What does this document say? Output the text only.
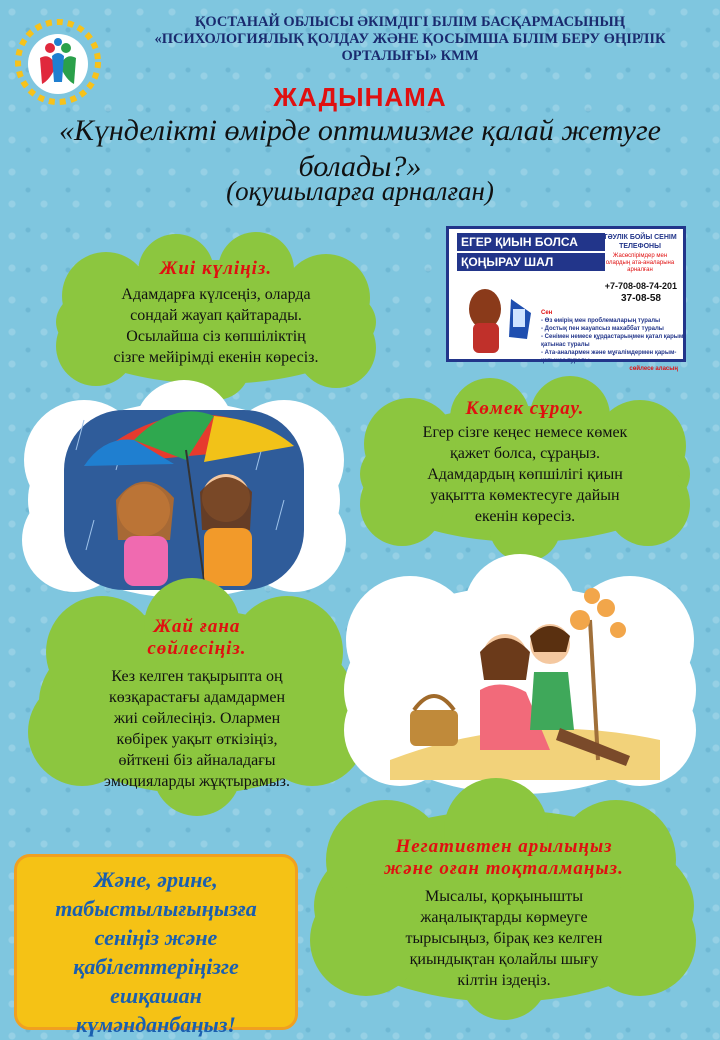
ҚОСТАНАЙ ОБЛЫСЫ ӘКІМДІГІ БІЛІМ БАСҚАРМАСЫНЫҢ
«ПСИХОЛОГИЯЛЫҚ ҚОЛДАУ ЖӘНЕ ҚОСЫМША БІЛІМ БЕРУ ӨҢІРЛІК
ОРТАЛЫҒЫ» КММ
ЖАДЫНАМА
«Күнделікті өмірде оптимизмге қалай жетуге
болады?»
(оқушыларға арналған)
ЕГЕР ҚИЫН БОЛСА
ҚОҢЫРАУ ШАЛ
ТӘУЛІК БОЙЫ СЕНІМ ТЕЛЕФОНЫ
Жасөспірімдер мен олардың ата-аналарына арналған
+7-708-08-74-201
37-08-58
Сен
- Өз өмірің мен проблемаларың туралы
- Достық пен жауапсыз махаббат туралы
- Сенімен немесе құрдастарыңмен қатал қарым-қатынас туралы
- Ата-аналармен және мұғалімдермен қарым-қатынас туралы
сөйлесе аласың
Жиі күліңіз.
Адамдарға күлсеңіз, оларда
сондай жауап қайтарады.
Осылайша сіз көпшіліктің
сізге мейірімді екенін көресіз.
Көмек сұрау.
Егер сізге кеңес немесе көмек
қажет болса, сұраңыз.
Адамдардың көпшілігі қиын
уақытта көмектесуге дайын
екенін көресіз.
Жай ғана
сөйлесіңіз.
Кез келген тақырыпта оң
көзқарастағы адамдармен
жиі сөйлесіңіз. Олармен
көбірек уақыт өткізіңіз,
өйткені біз айналадағы
эмоцияларды жұқтырамыз.
Негативтен арылыңыз
және оған тоқталмаңыз.
Мысалы, қорқынышты
жаңалықтарды көрмеуге
тырысыңыз, бірақ кез келген
қиындықтан қолайлы шығу
кілтін іздеңіз.
Және, әрине,
табыстылығыңызға
сеніңіз және
қабілеттеріңізге
ешқашан
күмәнданбаңыз!
